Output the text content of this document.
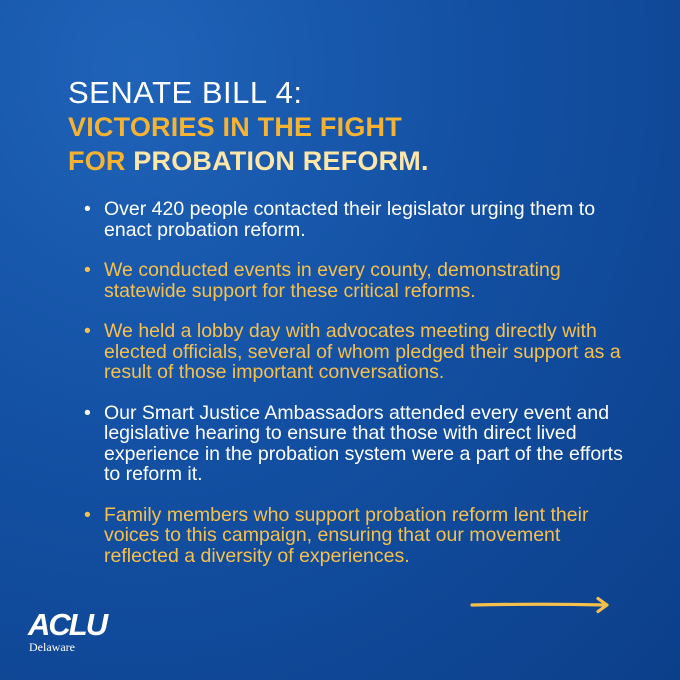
SENATE BILL 4:
VICTORIES IN THE FIGHT
FOR PROBATION REFORM.
• Over 420 people contacted their legislator urging them to enact probation reform.
• We conducted events in every county, demonstrating statewide support for these critical reforms.
• We held a lobby day with advocates meeting directly with elected officials, several of whom pledged their support as a result of those important conversations.
• Our Smart Justice Ambassadors attended every event and legislative hearing to ensure that those with direct lived experience in the probation system were a part of the efforts to reform it.
• Family members who support probation reform lent their voices to this campaign, ensuring that our movement reflected a diversity of experiences.
ACLU
Delaware
